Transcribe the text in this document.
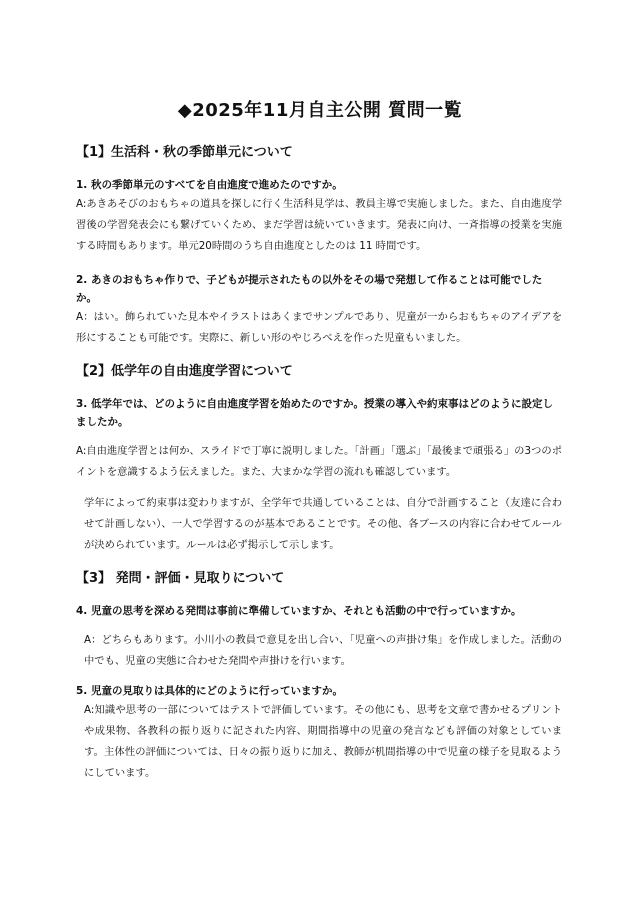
◆2025年11月自主公開 質問一覧

【1】生活科・秋の季節単元について

1. 秋の季節単元のすべてを自由進度で進めたのですか。

A:あきあそびのおもちゃの道具を探しに行く生活科見学は、教員主導で実施しました。また、自由進度学習後の学習発表会にも繋げていくため、まだ学習は続いていきます。発表に向け、一斉指導の授業を実施する時間もあります。単元20時間のうち自由進度としたのは 11 時間です。

2. あきのおもちゃ作りで、子どもが提示されたもの以外をその場で発想して作ることは可能でしたか。

A：はい。飾られていた見本やイラストはあくまでサンプルであり、児童が一からおもちゃのアイデアを形にすることも可能です。実際に、新しい形のやじろべえを作った児童もいました。

【2】低学年の自由進度学習について

3. 低学年では、どのように自由進度学習を始めたのですか。授業の導入や約束事はどのように設定しましたか。

A:自由進度学習とは何か、スライドで丁寧に説明しました。「計画」「選ぶ」「最後まで頑張る」の3つのポイントを意識するよう伝えました。また、大まかな学習の流れも確認しています。

学年によって約束事は変わりますが、全学年で共通していることは、自分で計画すること（友達に合わせて計画しない）、一人で学習するのが基本であることです。その他、各ブースの内容に合わせてルールが決められています。ルールは必ず掲示して示します。

【3】 発問・評価・見取りについて

4. 児童の思考を深める発問は事前に準備していますか、それとも活動の中で行っていますか。

A：どちらもあります。小川小の教員で意見を出し合い、「児童への声掛け集」を作成しました。活動の中でも、児童の実態に合わせた発問や声掛けを行います。

5. 児童の見取りは具体的にどのように行っていますか。

A:知識や思考の一部についてはテストで評価しています。その他にも、思考を文章で書かせるプリントや成果物、各教科の振り返りに記された内容、期間指導中の児童の発言なども評価の対象としています。主体性の評価については、日々の振り返りに加え、教師が机間指導の中で児童の様子を見取るようにしています。
